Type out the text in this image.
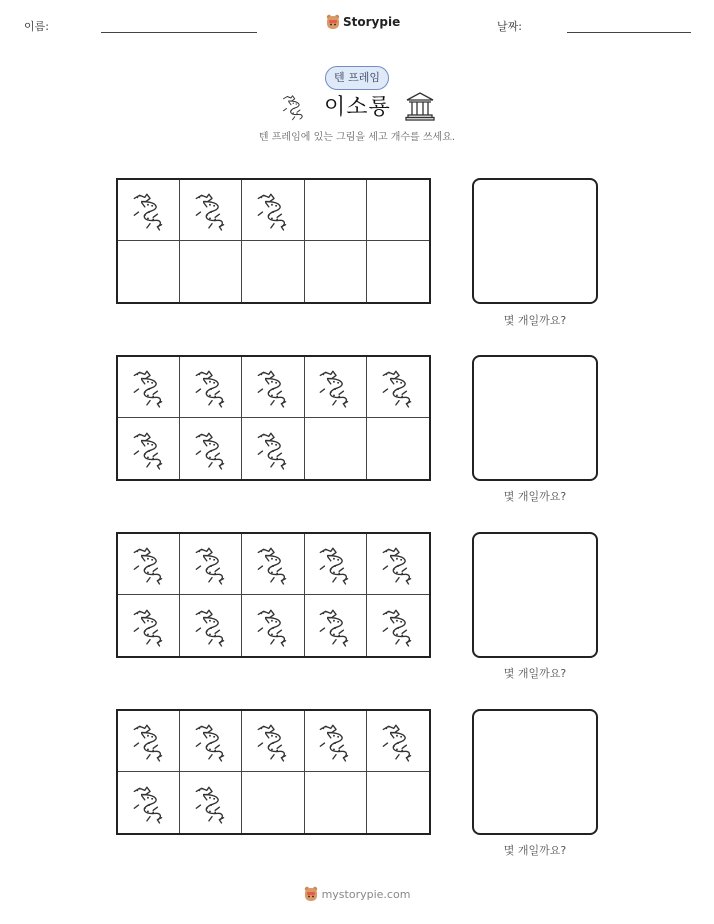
이름:	Storypie	날짜:
텐 프레임
이소룡
텐 프레임에 있는 그림을 세고 개수를 쓰세요.
몇 개일까요?
몇 개일까요?
몇 개일까요?
몇 개일까요?
mystorypie.com
